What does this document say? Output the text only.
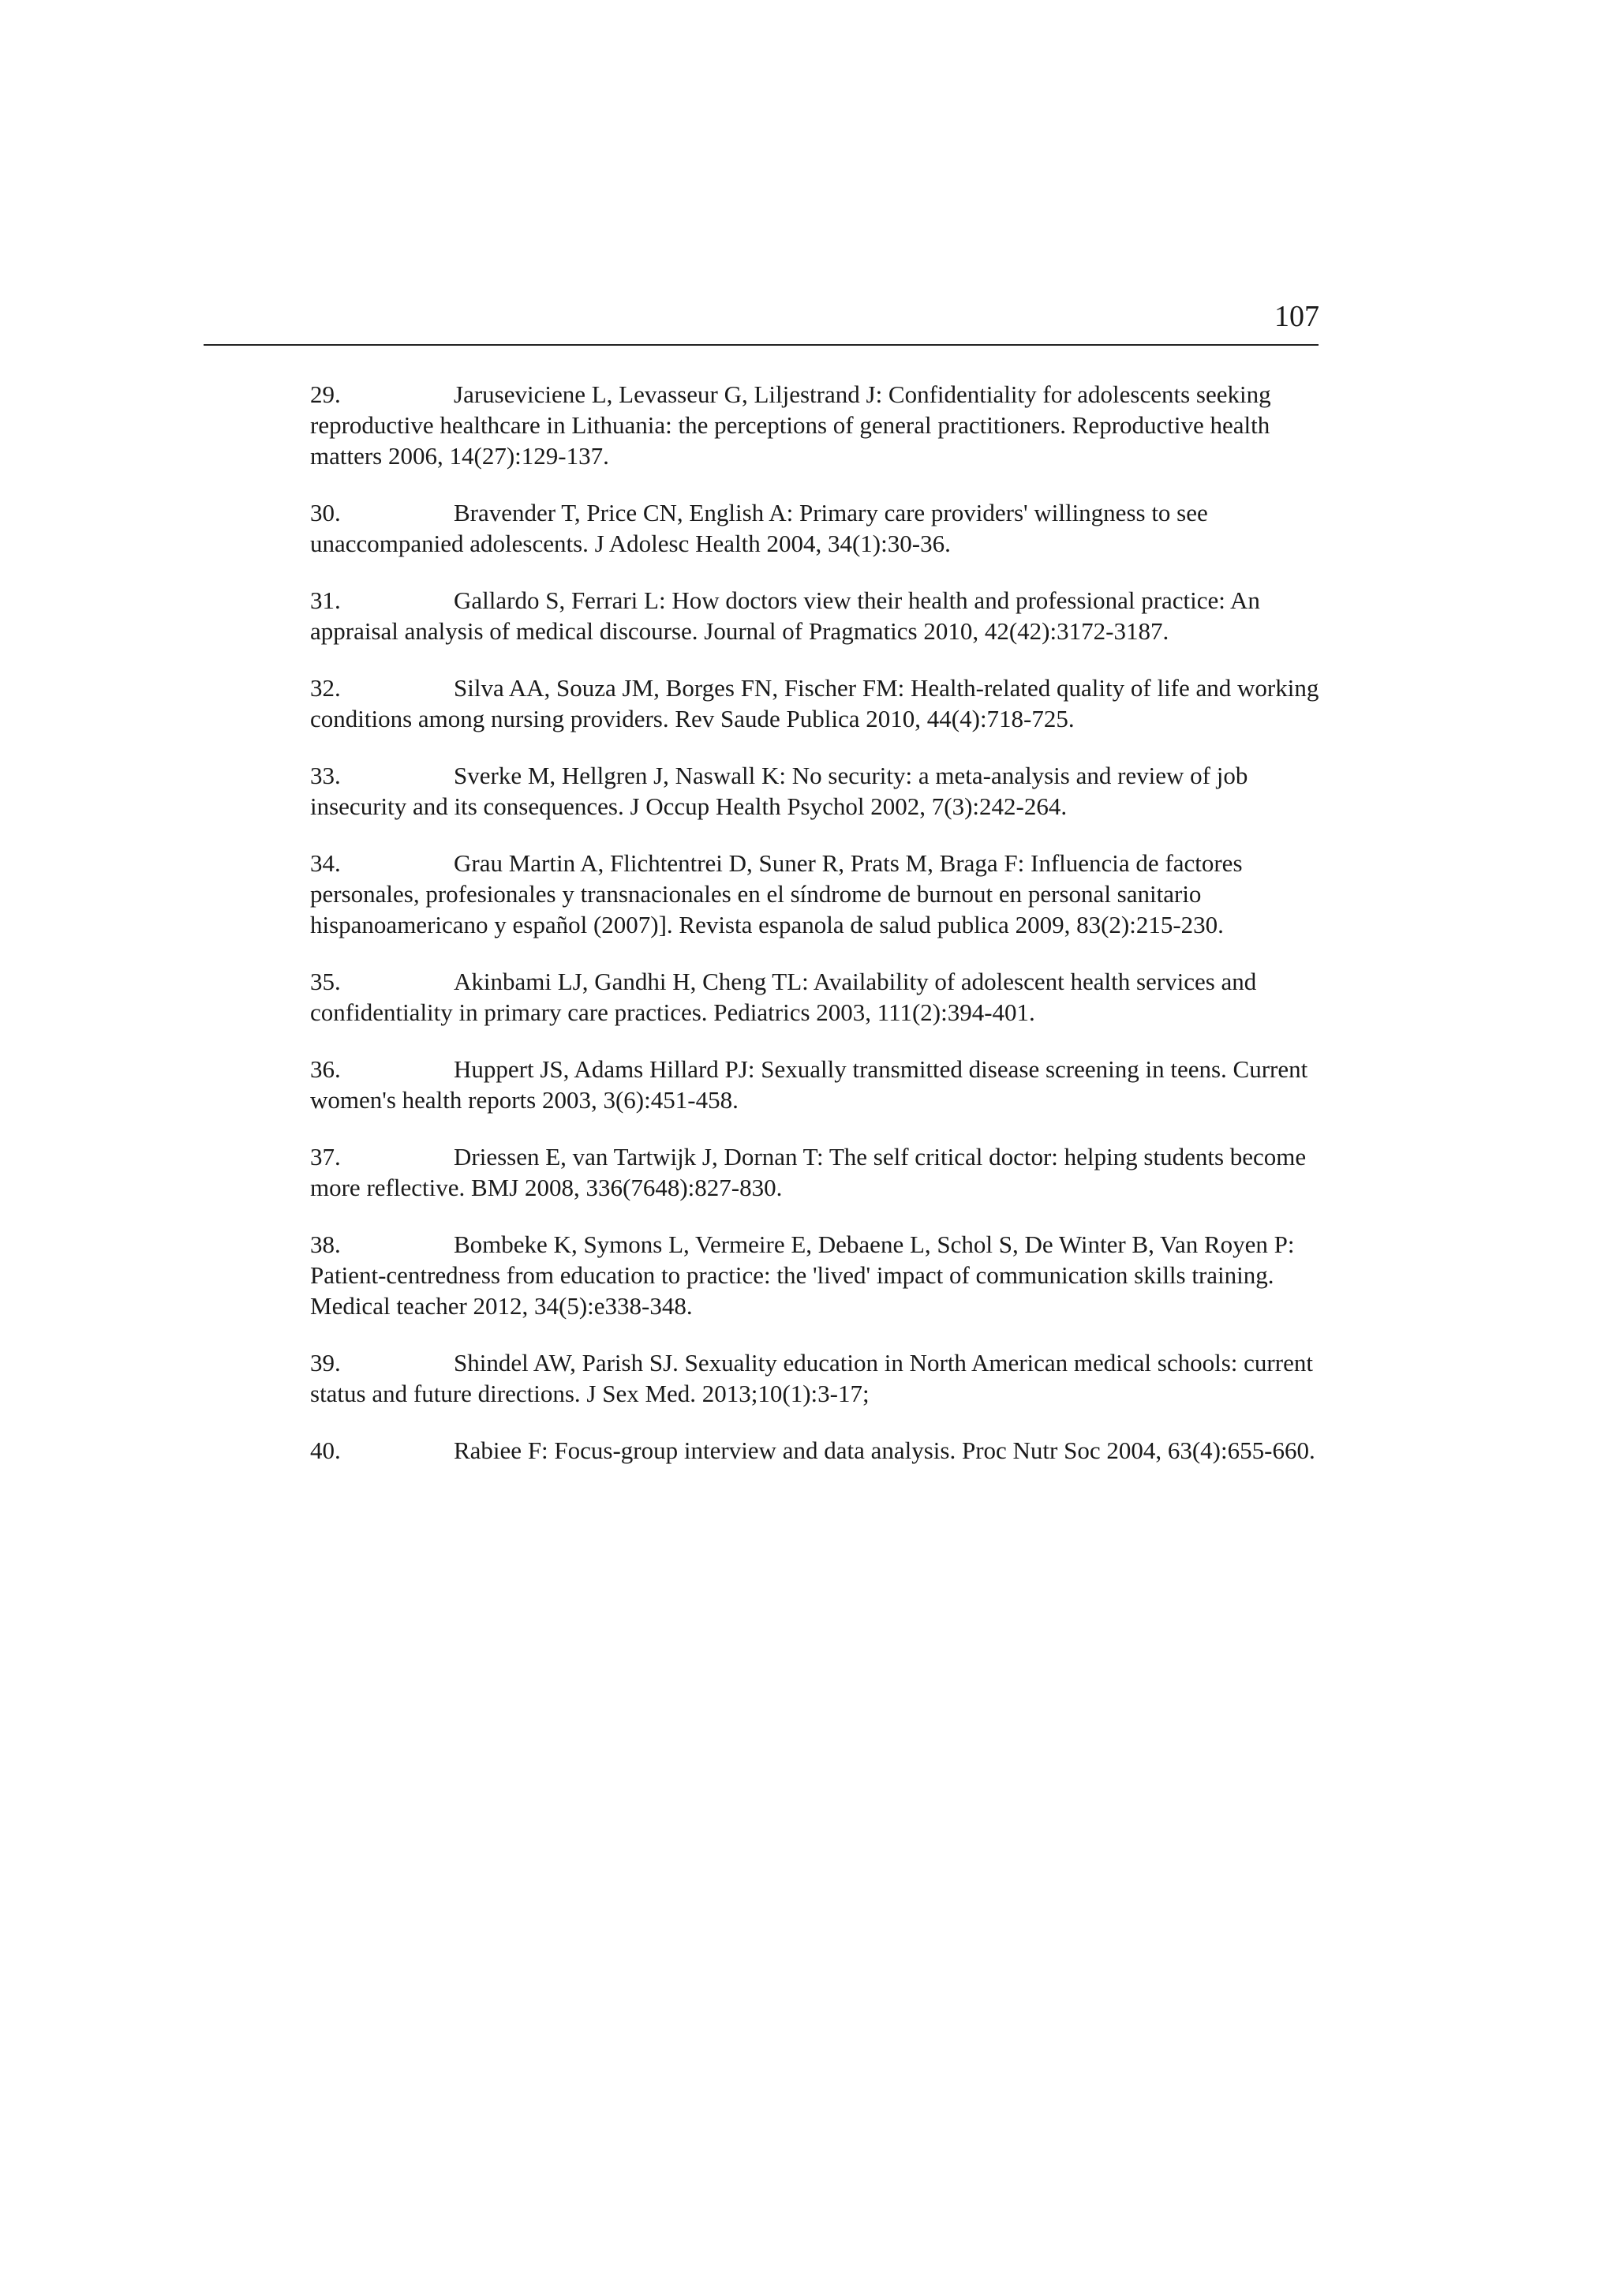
107

29.	Jaruseviciene L, Levasseur G, Liljestrand J: Confidentiality for adolescents seeking reproductive healthcare in Lithuania: the perceptions of general practitioners. Reproductive health matters 2006, 14(27):129-137.

30.	Bravender T, Price CN, English A: Primary care providers' willingness to see unaccompanied adolescents. J Adolesc Health 2004, 34(1):30-36.

31.	Gallardo S, Ferrari L: How doctors view their health and professional practice: An appraisal analysis of medical discourse. Journal of Pragmatics 2010, 42(42):3172-3187.

32.	Silva AA, Souza JM, Borges FN, Fischer FM: Health-related quality of life and working conditions among nursing providers. Rev Saude Publica 2010, 44(4):718-725.

33.	Sverke M, Hellgren J, Naswall K: No security: a meta-analysis and review of job insecurity and its consequences. J Occup Health Psychol 2002, 7(3):242-264.

34.	Grau Martin A, Flichtentrei D, Suner R, Prats M, Braga F: Influencia de factores personales, profesionales y transnacionales en el síndrome de burnout en personal sanitario hispanoamericano y español (2007)]. Revista espanola de salud publica 2009, 83(2):215-230.

35.	Akinbami LJ, Gandhi H, Cheng TL: Availability of adolescent health services and confidentiality in primary care practices. Pediatrics 2003, 111(2):394-401.

36.	Huppert JS, Adams Hillard PJ: Sexually transmitted disease screening in teens. Current women's health reports 2003, 3(6):451-458.

37.	Driessen E, van Tartwijk J, Dornan T: The self critical doctor: helping students become more reflective. BMJ 2008, 336(7648):827-830.

38.	Bombeke K, Symons L, Vermeire E, Debaene L, Schol S, De Winter B, Van Royen P: Patient-centredness from education to practice: the 'lived' impact of communication skills training. Medical teacher 2012, 34(5):e338-348.

39.	Shindel AW, Parish SJ. Sexuality education in North American medical schools: current status and future directions. J Sex Med. 2013;10(1):3-17;

40.	Rabiee F: Focus-group interview and data analysis. Proc Nutr Soc 2004, 63(4):655-660.
